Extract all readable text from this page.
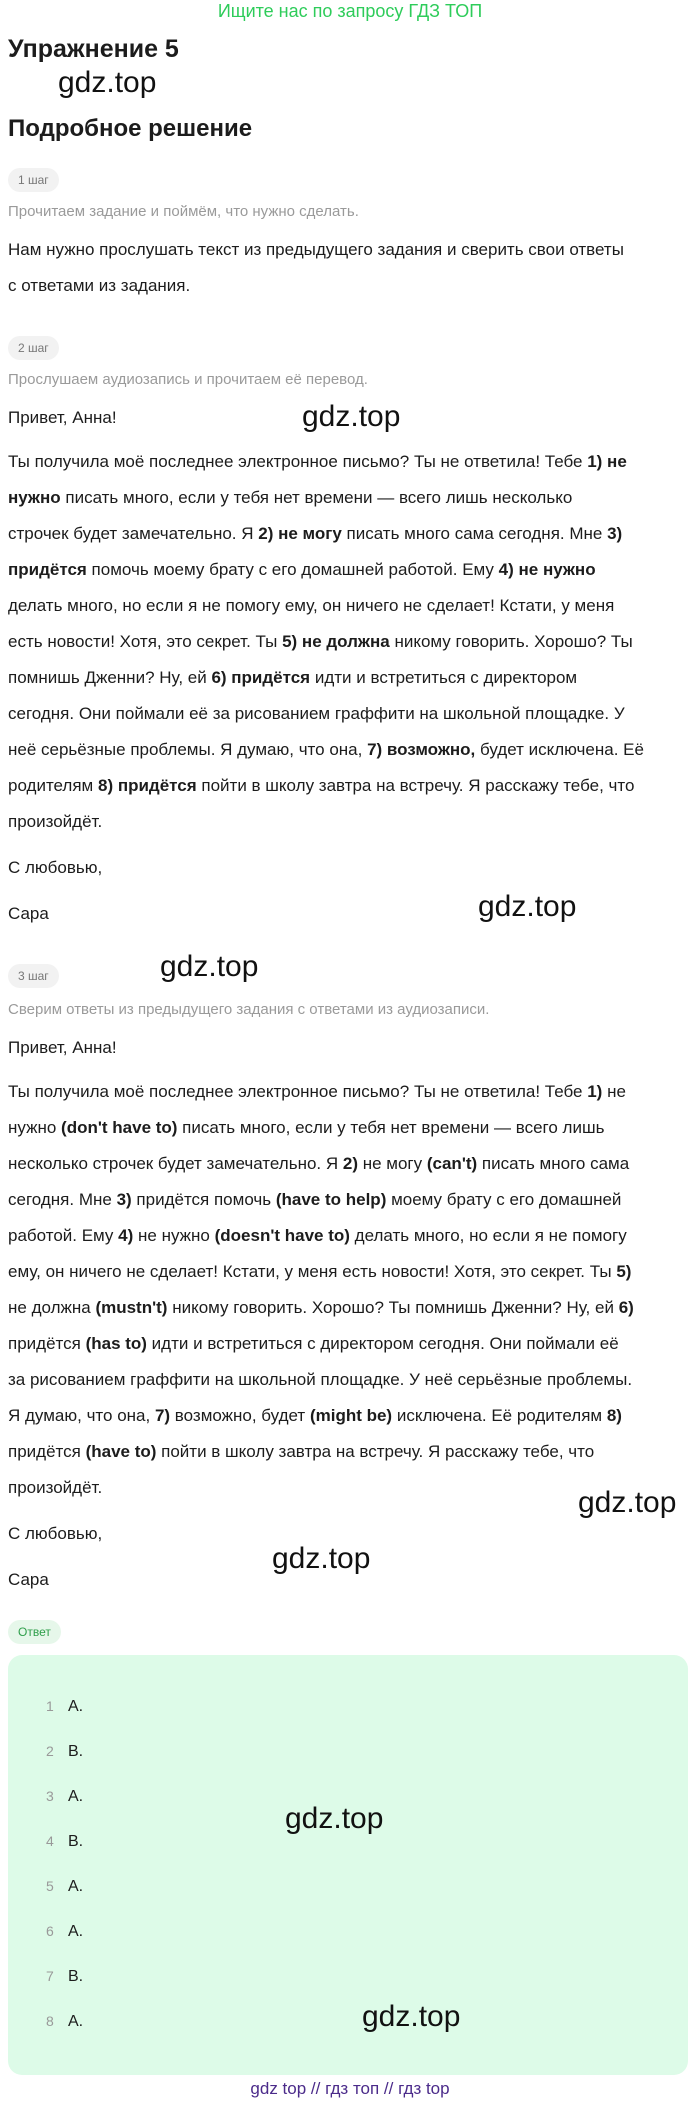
Ищите нас по запросу ГДЗ ТОП
Упражнение 5
gdz.top
Подробное решение
1 шаг
Прочитаем задание и поймём, что нужно сделать.
Нам нужно прослушать текст из предыдущего задания и сверить свои ответы
с ответами из задания.
2 шаг
Прослушаем аудиозапись и прочитаем её перевод.
Привет, Анна!	gdz.top
Ты получила моё последнее электронное письмо? Ты не ответила! Тебе 1) не
нужно писать много, если у тебя нет времени — всего лишь несколько
строчек будет замечательно. Я 2) не могу писать много сама сегодня. Мне 3)
придётся помочь моему брату с его домашней работой. Ему 4) не нужно
делать много, но если я не помогу ему, он ничего не сделает! Кстати, у меня
есть новости! Хотя, это секрет. Ты 5) не должна никому говорить. Хорошо? Ты
помнишь Дженни? Ну, ей 6) придётся идти и встретиться с директором
сегодня. Они поймали её за рисованием граффити на школьной площадке. У
неё серьёзные проблемы. Я думаю, что она, 7) возможно, будет исключена. Её
родителям 8) придётся пойти в школу завтра на встречу. Я расскажу тебе, что
произойдёт.
С любовью,
gdz.top
Сара
3 шаг	gdz.top
Сверим ответы из предыдущего задания с ответами из аудиозаписи.
Привет, Анна!
Ты получила моё последнее электронное письмо? Ты не ответила! Тебе 1) не
нужно (don't have to) писать много, если у тебя нет времени — всего лишь
несколько строчек будет замечательно. Я 2) не могу (can't) писать много сама
сегодня. Мне 3) придётся помочь (have to help) моему брату с его домашней
работой. Ему 4) не нужно (doesn't have to) делать много, но если я не помогу
ему, он ничего не сделает! Кстати, у меня есть новости! Хотя, это секрет. Ты 5)
не должна (mustn't) никому говорить. Хорошо? Ты помнишь Дженни? Ну, ей 6)
придётся (has to) идти и встретиться с директором сегодня. Они поймали её
за рисованием граффити на школьной площадке. У неё серьёзные проблемы.
Я думаю, что она, 7) возможно, будет (might be) исключена. Её родителям 8)
придётся (have to) пойти в школу завтра на встречу. Я расскажу тебе, что
произойдёт.	gdz.top
С любовью,
gdz.top
Сара
Ответ
1 A.
2 B.
3 A.
4 B.
5 A.
6 A.
7 B.
8 A.
gdz.top
gdz.top
gdz top // гдз топ // гдз top
